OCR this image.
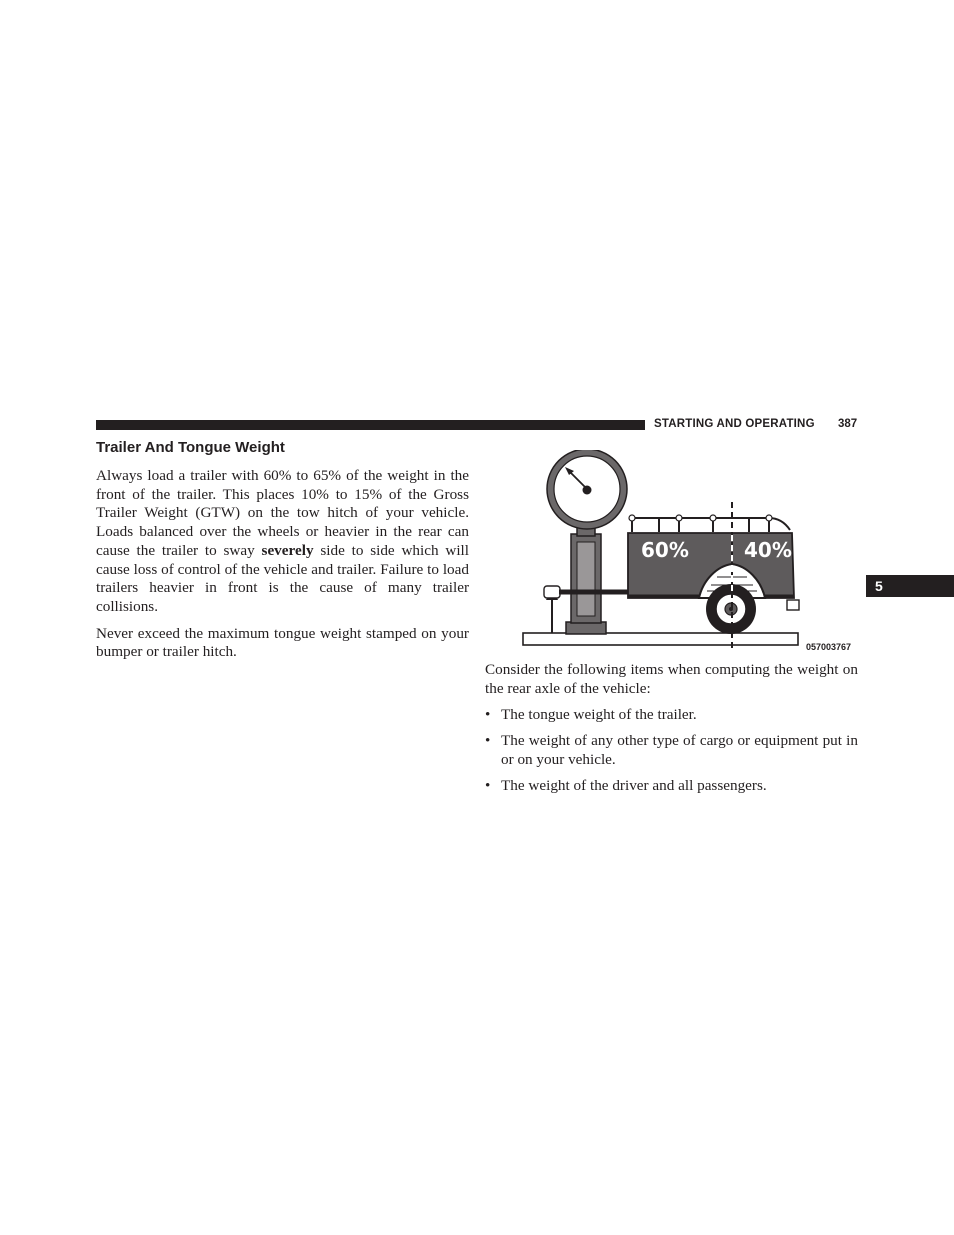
STARTING AND OPERATING 387
5
Trailer And Tongue Weight

Always load a trailer with 60% to 65% of the weight in the front of the trailer. This places 10% to 15% of the Gross Trailer Weight (GTW) on the tow hitch of your vehicle. Loads balanced over the wheels or heavier in the rear can cause the trailer to sway severely side to side which will cause loss of control of the vehicle and trailer. Failure to load trailers heavier in front is the cause of many trailer collisions.

Never exceed the maximum tongue weight stamped on your bumper or trailer hitch.

60%	40%
057003767

Consider the following items when computing the weight on the rear axle of the vehicle:

• The tongue weight of the trailer.
• The weight of any other type of cargo or equipment put in or on your vehicle.
• The weight of the driver and all passengers.
